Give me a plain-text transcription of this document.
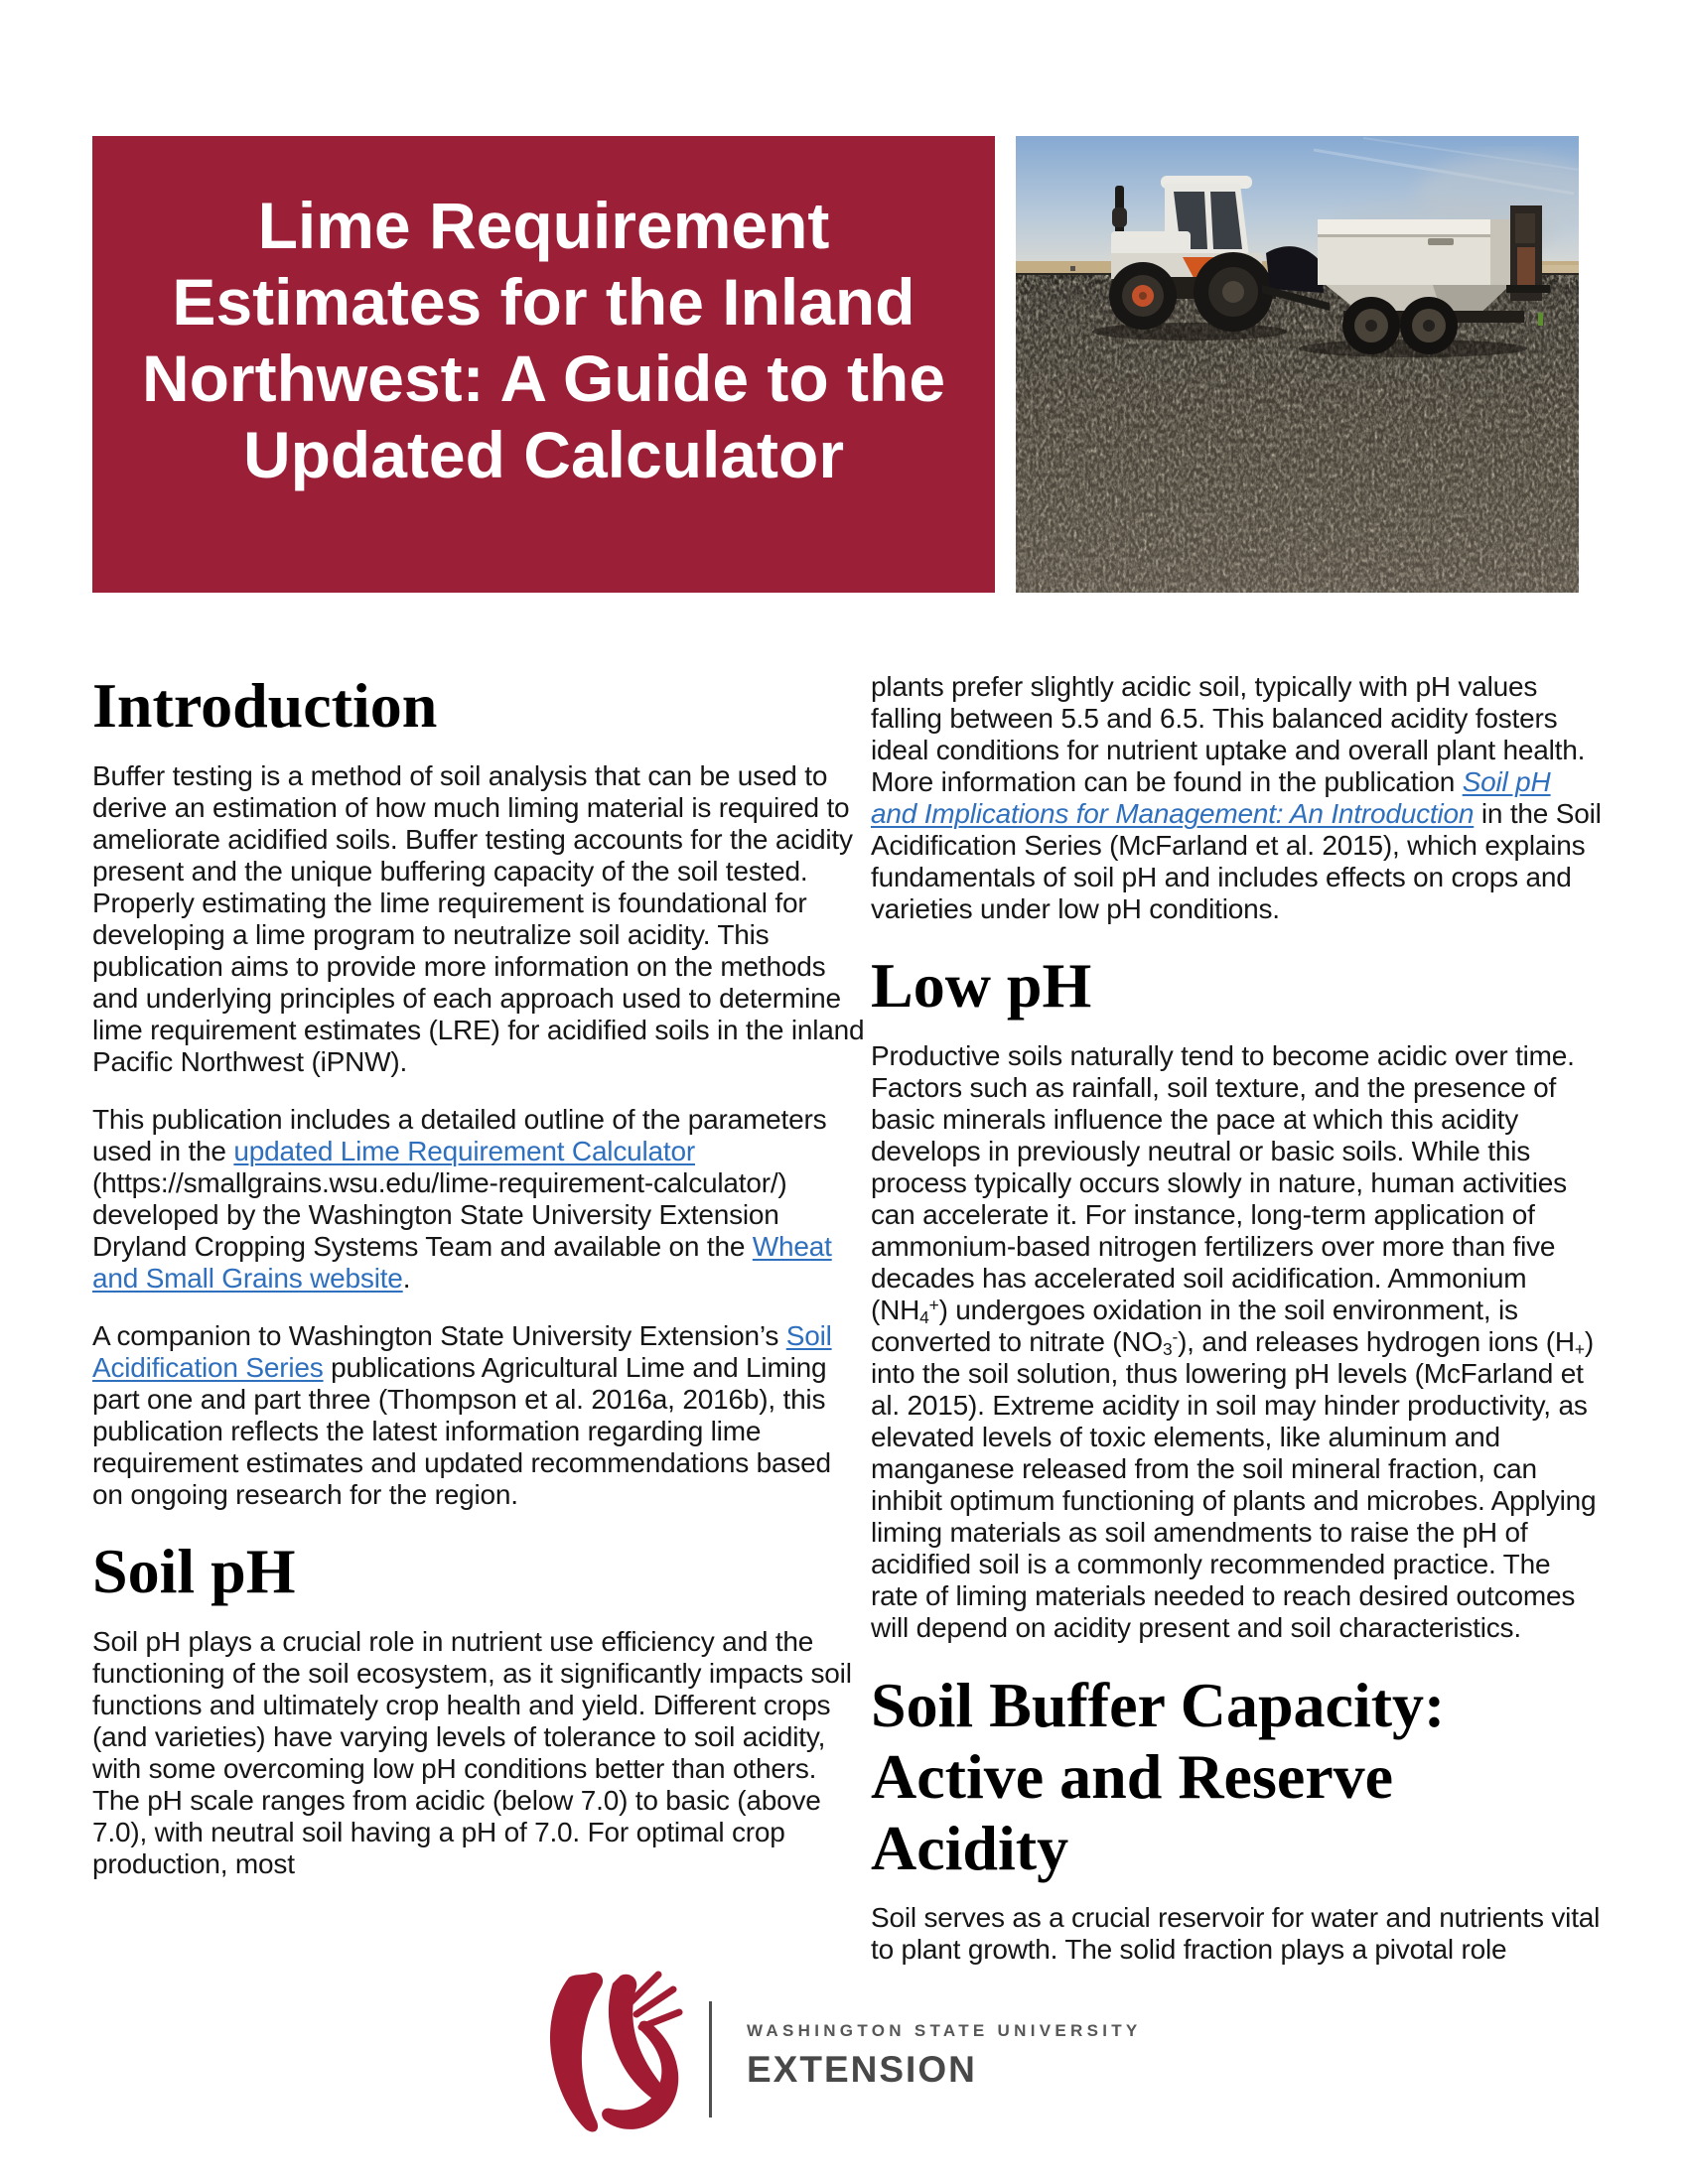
Lime Requirement
Estimates for the Inland
Northwest: A Guide to the
Updated Calculator
Introduction

Buffer testing is a method of soil analysis that can be used to derive an estimation of how much liming material is required to ameliorate acidified soils. Buffer testing accounts for the acidity present and the unique buffering capacity of the soil tested. Properly estimating the lime requirement is foundational for developing a lime program to neutralize soil acidity. This publication aims to provide more information on the methods and underlying principles of each approach used to determine lime requirement estimates (LRE) for acidified soils in the inland Pacific Northwest (iPNW).

This publication includes a detailed outline of the parameters used in the updated Lime Requirement Calculator (https://smallgrains.wsu.edu/lime-requirement-calculator/) developed by the Washington State University Extension Dryland Cropping Systems Team and available on the Wheat and Small Grains website.

A companion to Washington State University Extension’s Soil Acidification Series publications Agricultural Lime and Liming part one and part three (Thompson et al. 2016a, 2016b), this publication reflects the latest information regarding lime requirement estimates and updated recommendations based on ongoing research for the region.

Soil pH

Soil pH plays a crucial role in nutrient use efficiency and the functioning of the soil ecosystem, as it significantly impacts soil functions and ultimately crop health and yield. Different crops (and varieties) have varying levels of tolerance to soil acidity, with some overcoming low pH conditions better than others. The pH scale ranges from acidic (below 7.0) to basic (above 7.0), with neutral soil having a pH of 7.0. For optimal crop production, most

plants prefer slightly acidic soil, typically with pH values falling between 5.5 and 6.5. This balanced acidity fosters ideal conditions for nutrient uptake and overall plant health. More information can be found in the publication Soil pH and Implications for Management: An Introduction in the Soil Acidification Series (McFarland et al. 2015), which explains fundamentals of soil pH and includes effects on crops and varieties under low pH conditions.

Low pH

Productive soils naturally tend to become acidic over time. Factors such as rainfall, soil texture, and the presence of basic minerals influence the pace at which this acidity develops in previously neutral or basic soils. While this process typically occurs slowly in nature, human activities can accelerate it. For instance, long-term application of ammonium-based nitrogen fertilizers over more than five decades has accelerated soil acidification. Ammonium $(NH_4^+)$ undergoes oxidation in the soil environment, is converted to nitrate $(NO_3^-)$, and releases hydrogen ions $(H_+)$ into the soil solution, thus lowering pH levels (McFarland et al. 2015). Extreme acidity in soil may hinder productivity, as elevated levels of toxic elements, like aluminum and manganese released from the soil mineral fraction, can inhibit optimum functioning of plants and microbes. Applying liming materials as soil amendments to raise the pH of acidified soil is a commonly recommended practice. The rate of liming materials needed to reach desired outcomes will depend on acidity present and soil characteristics.

Soil Buffer Capacity:
Active and Reserve Acidity

Soil serves as a crucial reservoir for water and nutrients vital to plant growth. The solid fraction plays a pivotal role

WASHINGTON STATE UNIVERSITY
EXTENSION
